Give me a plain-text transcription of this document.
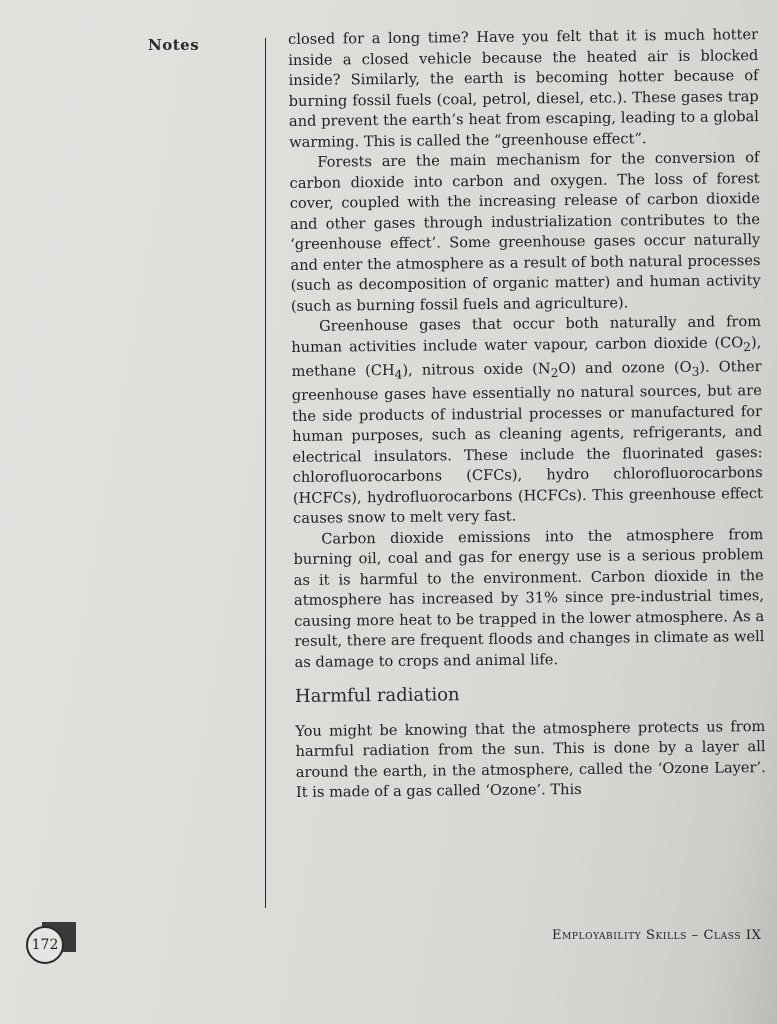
Notes	closed for a long time? Have you felt that it is much hotter inside a closed vehicle because the heated air is blocked inside? Similarly, the earth is becoming hotter because of burning fossil fuels (coal, petrol, diesel, etc.). These gases trap and prevent the earth’s heat from escaping, leading to a global warming. This is called the “greenhouse effect”.

Forests are the main mechanism for the conversion of carbon dioxide into carbon and oxygen. The loss of forest cover, coupled with the increasing release of carbon dioxide and other gases through industrialization contributes to the ‘greenhouse effect’. Some greenhouse gases occur naturally and enter the atmosphere as a result of both natural processes (such as decomposition of organic matter) and human activity (such as burning fossil fuels and agriculture).

Greenhouse gases that occur both naturally and from human activities include water vapour, carbon dioxide $(CO_2)$, methane $(CH_4)$, nitrous oxide $(N_2O)$ and ozone $(O_3)$. Other greenhouse gases have essentially no natural sources, but are the side products of industrial processes or manufactured for human purposes, such as cleaning agents, refrigerants, and electrical insulators. These include the fluorinated gases: chlorofluorocarbons (CFCs), hydro chlorofluorocarbons (HCFCs), hydrofluorocarbons (HCFCs). This greenhouse effect causes snow to melt very fast.

Carbon dioxide emissions into the atmosphere from burning oil, coal and gas for energy use is a serious problem as it is harmful to the environment. Carbon dioxide in the atmosphere has increased by 31% since pre-industrial times, causing more heat to be trapped in the lower atmosphere. As a result, there are frequent floods and changes in climate as well as damage to crops and animal life.

Harmful radiation

You might be knowing that the atmosphere protects us from harmful radiation from the sun. This is done by a layer all around the earth, in the atmosphere, called the ‘Ozone Layer’. It is made of a gas called ‘Ozone’. This

172
Employability Skills – Class IX
